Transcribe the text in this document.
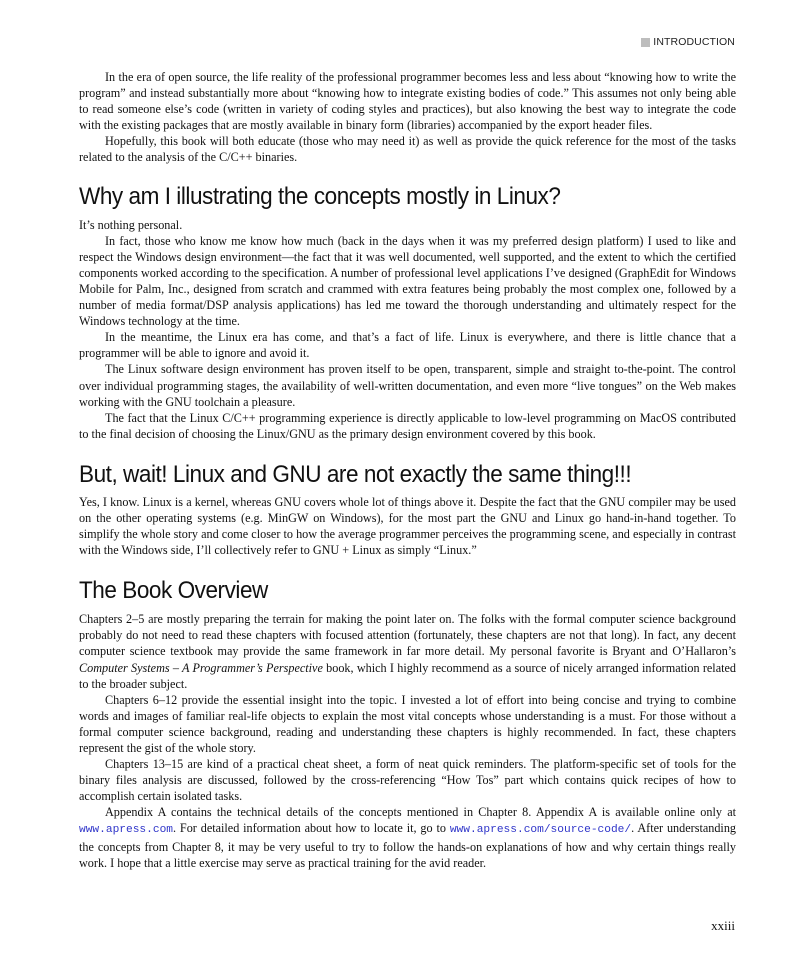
INTRODUCTION

In the era of open source, the life reality of the professional programmer becomes less and less about “knowing how to write the program” and instead substantially more about “knowing how to integrate existing bodies of code.” This assumes not only being able to read someone else’s code (written in variety of coding styles and practices), but also knowing the best way to integrate the code with the existing packages that are mostly available in binary form (libraries) accompanied by the export header files.

Hopefully, this book will both educate (those who may need it) as well as provide the quick reference for the most of the tasks related to the analysis of the C/C++ binaries.

Why am I illustrating the concepts mostly in Linux?

It’s nothing personal.

In fact, those who know me know how much (back in the days when it was my preferred design platform) I used to like and respect the Windows design environment—the fact that it was well documented, well supported, and the extent to which the certified components worked according to the specification. A number of professional level applications I’ve designed (GraphEdit for Windows Mobile for Palm, Inc., designed from scratch and crammed with extra features being probably the most complex one, followed by a number of media format/DSP analysis applications) has led me toward the thorough understanding and ultimately respect for the Windows technology at the time.

In the meantime, the Linux era has come, and that’s a fact of life. Linux is everywhere, and there is little chance that a programmer will be able to ignore and avoid it.

The Linux software design environment has proven itself to be open, transparent, simple and straight to-the-point. The control over individual programming stages, the availability of well-written documentation, and even more “live tongues” on the Web makes working with the GNU toolchain a pleasure.

The fact that the Linux C/C++ programming experience is directly applicable to low-level programming on MacOS contributed to the final decision of choosing the Linux/GNU as the primary design environment covered by this book.

But, wait! Linux and GNU are not exactly the same thing!!!

Yes, I know. Linux is a kernel, whereas GNU covers whole lot of things above it. Despite the fact that the GNU compiler may be used on the other operating systems (e.g. MinGW on Windows), for the most part the GNU and Linux go hand-in-hand together. To simplify the whole story and come closer to how the average programmer perceives the programming scene, and especially in contrast with the Windows side, I’ll collectively refer to GNU + Linux as simply “Linux.”

The Book Overview

Chapters 2–5 are mostly preparing the terrain for making the point later on. The folks with the formal computer science background probably do not need to read these chapters with focused attention (fortunately, these chapters are not that long). In fact, any decent computer science textbook may provide the same framework in far more detail. My personal favorite is Bryant and O’Hallaron’s Computer Systems – A Programmer’s Perspective book, which I highly recommend as a source of nicely arranged information related to the broader subject.

Chapters 6–12 provide the essential insight into the topic. I invested a lot of effort into being concise and trying to combine words and images of familiar real-life objects to explain the most vital concepts whose understanding is a must. For those without a formal computer science background, reading and understanding these chapters is highly recommended. In fact, these chapters represent the gist of the whole story.

Chapters 13–15 are kind of a practical cheat sheet, a form of neat quick reminders. The platform-specific set of tools for the binary files analysis are discussed, followed by the cross-referencing “How Tos” part which contains quick recipes of how to accomplish certain isolated tasks.

Appendix A contains the technical details of the concepts mentioned in Chapter 8. Appendix A is available online only at www.apress.com. For detailed information about how to locate it, go to www.apress.com/source-code/. After understanding the concepts from Chapter 8, it may be very useful to try to follow the hands-on explanations of how and why certain things really work. I hope that a little exercise may serve as practical training for the avid reader.

xxiii
